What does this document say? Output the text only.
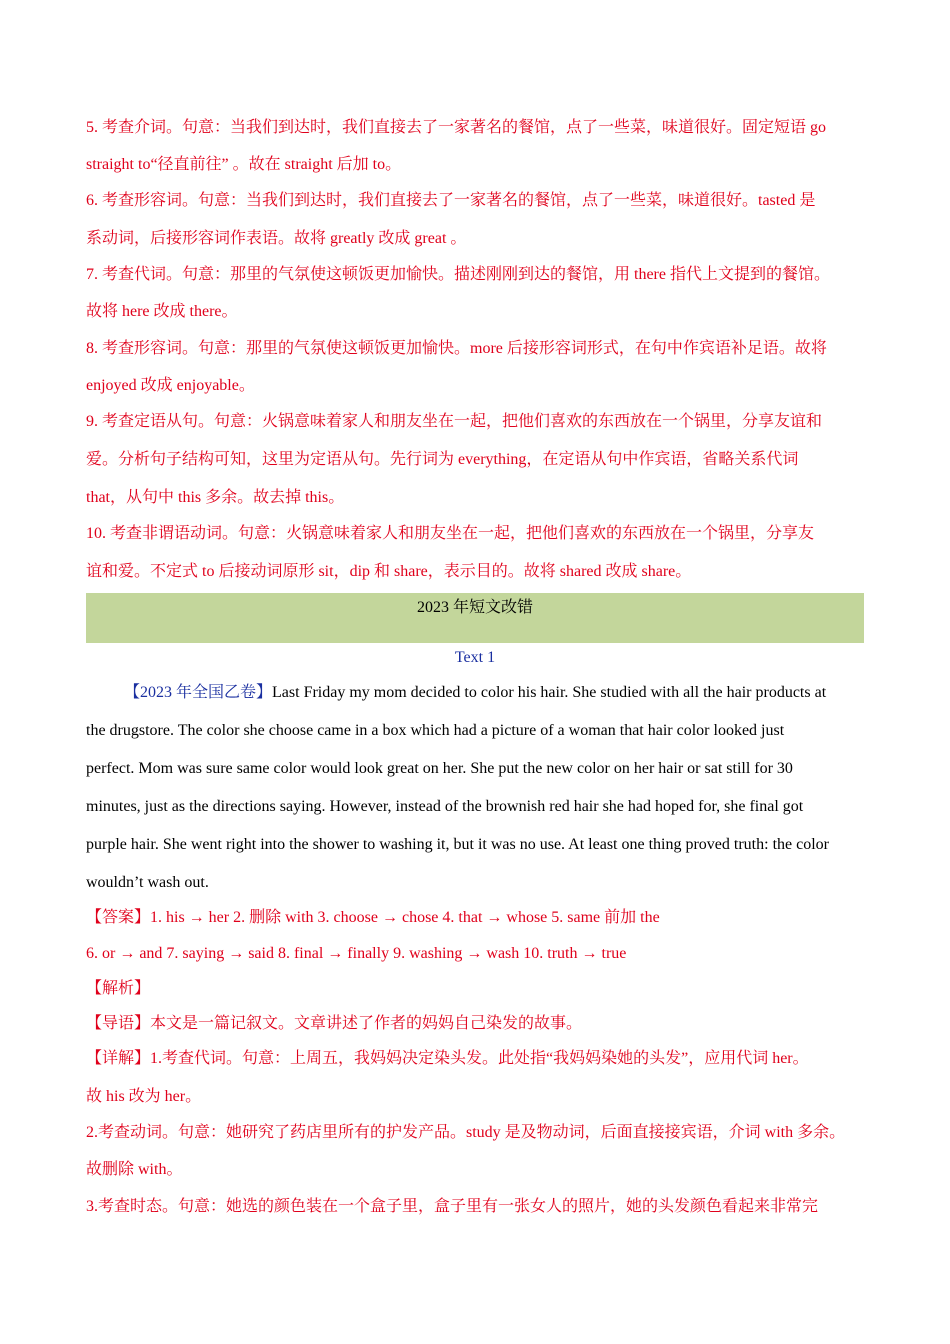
5. 考查介词。句意：当我们到达时，我们直接去了一家著名的餐馆，点了一些菜，味道很好。固定短语 go
straight to“径直前往” 。故在 straight 后加 to。
6. 考查形容词。句意：当我们到达时，我们直接去了一家著名的餐馆，点了一些菜，味道很好。tasted 是
系动词，后接形容词作表语。故将 greatly 改成 great 。
7. 考查代词。句意：那里的气氛使这顿饭更加愉快。描述刚刚到达的餐馆，用 there 指代上文提到的餐馆。
故将 here 改成 there。
8. 考查形容词。句意：那里的气氛使这顿饭更加愉快。more 后接形容词形式，在句中作宾语补足语。故将
enjoyed 改成 enjoyable。
9. 考查定语从句。句意：火锅意味着家人和朋友坐在一起，把他们喜欢的东西放在一个锅里，分享友谊和
爱。分析句子结构可知，这里为定语从句。先行词为 everything，在定语从句中作宾语，省略关系代词
that，从句中 this 多余。故去掉 this。
10. 考查非谓语动词。句意：火锅意味着家人和朋友坐在一起，把他们喜欢的东西放在一个锅里，分享友
谊和爱。不定式 to 后接动词原形 sit，dip 和 share，表示目的。故将 shared 改成 share。
2023 年短文改错
Text 1
【2023 年全国乙卷】Last Friday my mom decided to color his hair. She studied with all the hair products at
the drugstore. The color she choose came in a box which had a picture of a woman that hair color looked just
perfect. Mom was sure same color would look great on her. She put the new color on her hair or sat still for 30
minutes, just as the directions saying. However, instead of the brownish red hair she had hoped for, she final got
purple hair. She went right into the shower to washing it, but it was no use. At least one thing proved truth: the color
wouldn’t wash out.
【答案】1. his → her 2. 删除 with 3. choose → chose 4. that → whose 5. same 前加 the
6. or → and 7. saying → said 8. final → finally 9. washing → wash 10. truth → true
【解析】
【导语】本文是一篇记叙文。文章讲述了作者的妈妈自己染发的故事。
【详解】1.考查代词。句意：上周五，我妈妈决定染头发。此处指“我妈妈染她的头发”，应用代词 her。
故 his 改为 her。
2.考查动词。句意：她研究了药店里所有的护发产品。study 是及物动词，后面直接接宾语，介词 with 多余。
故删除 with。
3.考查时态。句意：她选的颜色装在一个盒子里，盒子里有一张女人的照片，她的头发颜色看起来非常完
